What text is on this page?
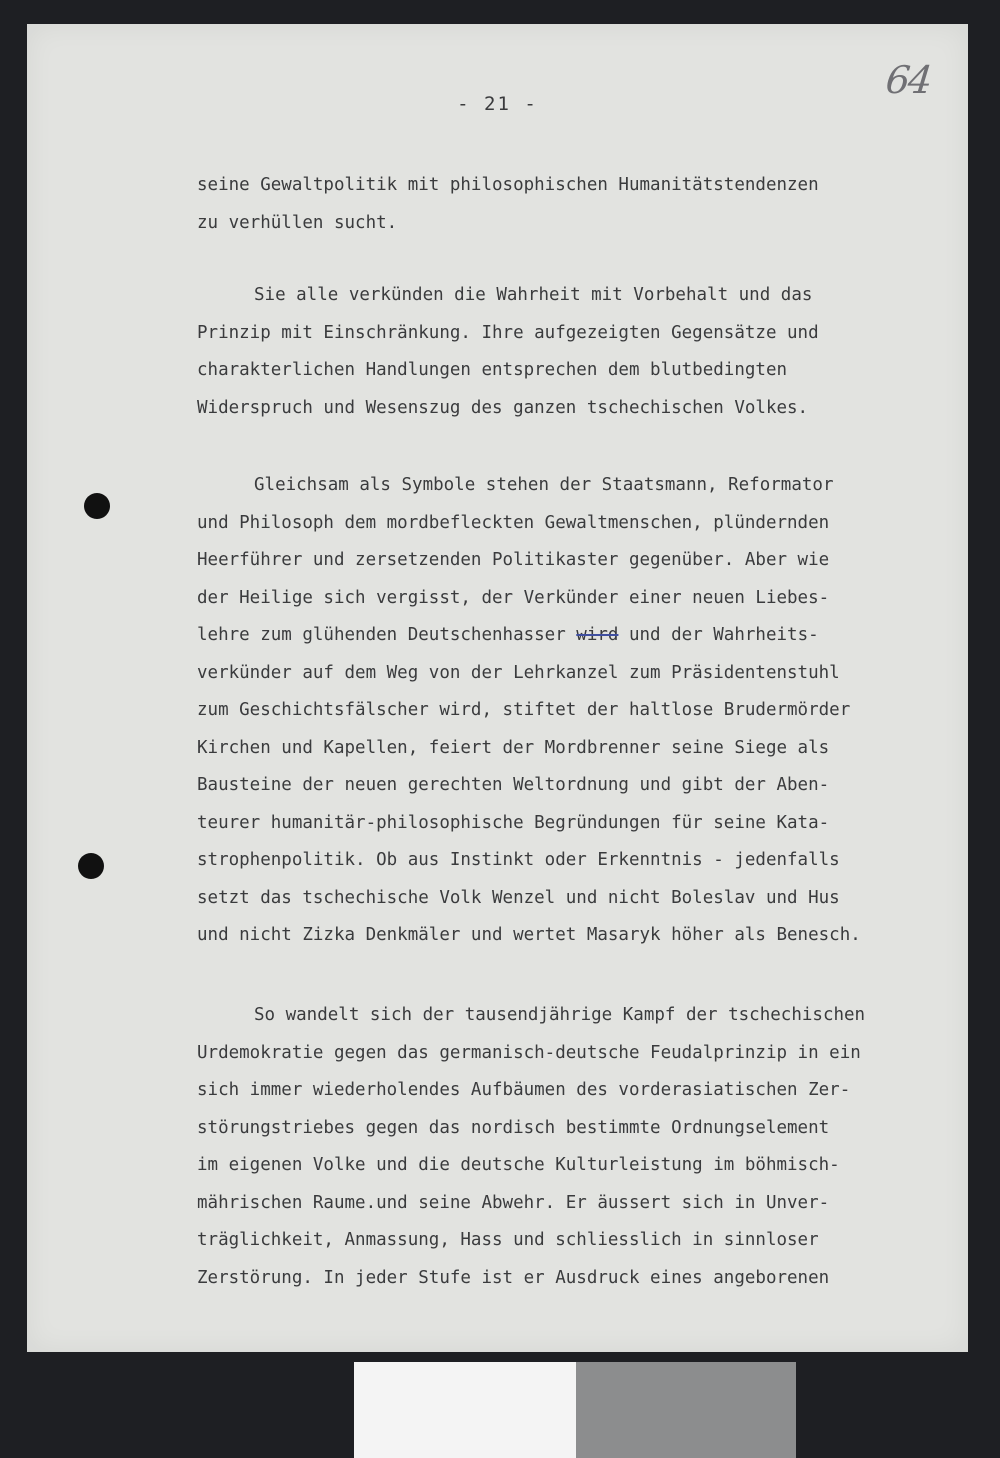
64
- 21 -
seine Gewaltpolitik mit philosophischen Humanitätstendenzen
zu verhüllen sucht.
Sie alle verkünden die Wahrheit mit Vorbehalt und das
Prinzip mit Einschränkung. Ihre aufgezeigten Gegensätze und
charakterlichen Handlungen entsprechen dem blutbedingten
Widerspruch und Wesenszug des ganzen tschechischen Volkes.
Gleichsam als Symbole stehen der Staatsmann, Reformator
und Philosoph dem mordbefleckten Gewaltmenschen, plündernden
Heerführer und zersetzenden Politikaster gegenüber. Aber wie
der Heilige sich vergisst, der Verkünder einer neuen Liebes-
lehre zum glühenden Deutschenhasser wird und der Wahrheits-
verkünder auf dem Weg von der Lehrkanzel zum Präsidentenstuhl
zum Geschichtsfälscher wird, stiftet der haltlose Brudermörder
Kirchen und Kapellen, feiert der Mordbrenner seine Siege als
Bausteine der neuen gerechten Weltordnung und gibt der Aben-
teurer humanitär-philosophische Begründungen für seine Kata-
strophenpolitik. Ob aus Instinkt oder Erkenntnis - jedenfalls
setzt das tschechische Volk Wenzel und nicht Boleslav und Hus
und nicht Zizka Denkmäler und wertet Masaryk höher als Benesch.
So wandelt sich der tausendjährige Kampf der tschechischen
Urdemokratie gegen das germanisch-deutsche Feudalprinzip in ein
sich immer wiederholendes Aufbäumen des vorderasiatischen Zer-
störungstriebes gegen das nordisch bestimmte Ordnungselement
im eigenen Volke und die deutsche Kulturleistung im böhmisch-
mährischen Raume.und seine Abwehr. Er äussert sich in Unver-
träglichkeit, Anmassung, Hass und schliesslich in sinnloser
Zerstörung. In jeder Stufe ist er Ausdruck eines angeborenen
